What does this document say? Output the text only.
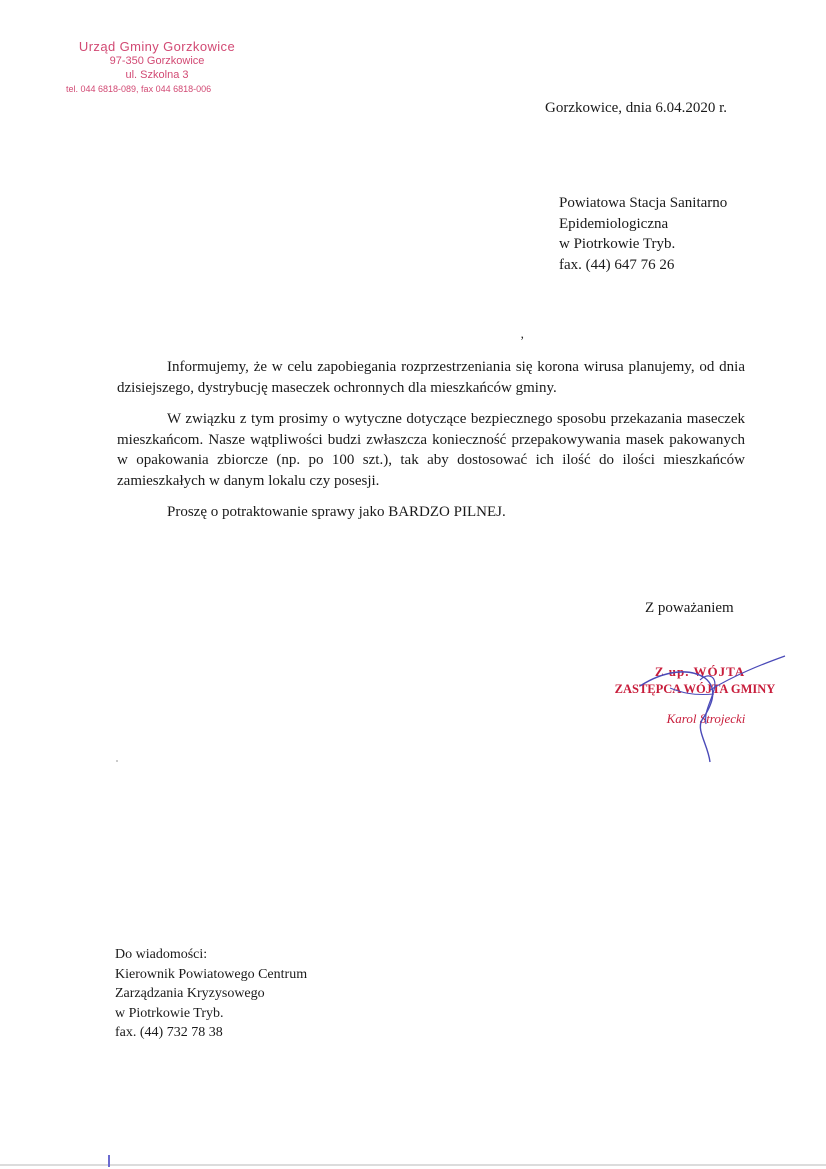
Urząd Gminy Gorzkowice
97-350 Gorzkowice
ul. Szkolna 3
tel. 044 6818-089, fax 044 6818-006
Gorzkowice, dnia 6.04.2020 r.
Powiatowa Stacja Sanitarno
Epidemiologiczna
w Piotrkowie Tryb.
fax. (44) 647 76 26
ʼ

Informujemy, że w celu zapobiegania rozprzestrzeniania się korona wirusa planujemy, od dnia dzisiejszego, dystrybucję maseczek ochronnych dla mieszkańców gminy.

W związku z tym prosimy o wytyczne dotyczące bezpiecznego sposobu przekazania maseczek mieszkańcom. Nasze wątpliwości budzi zwłaszcza konieczność przepakowywania masek pakowanych w opakowania zbiorcze (np. po 100 szt.), tak aby dostosować ich ilość do ilości mieszkańców zamieszkałych w danym lokalu czy posesji.

Proszę o potraktowanie sprawy jako BARDZO PILNEJ.

Z poważaniem
Z up. WÓJTA
ZASTĘPCA WÓJTA GMINY
Karol Strojecki
Do wiadomości:
Kierownik Powiatowego Centrum
Zarządzania Kryzysowego
w Piotrkowie Tryb.
fax. (44) 732 78 38
